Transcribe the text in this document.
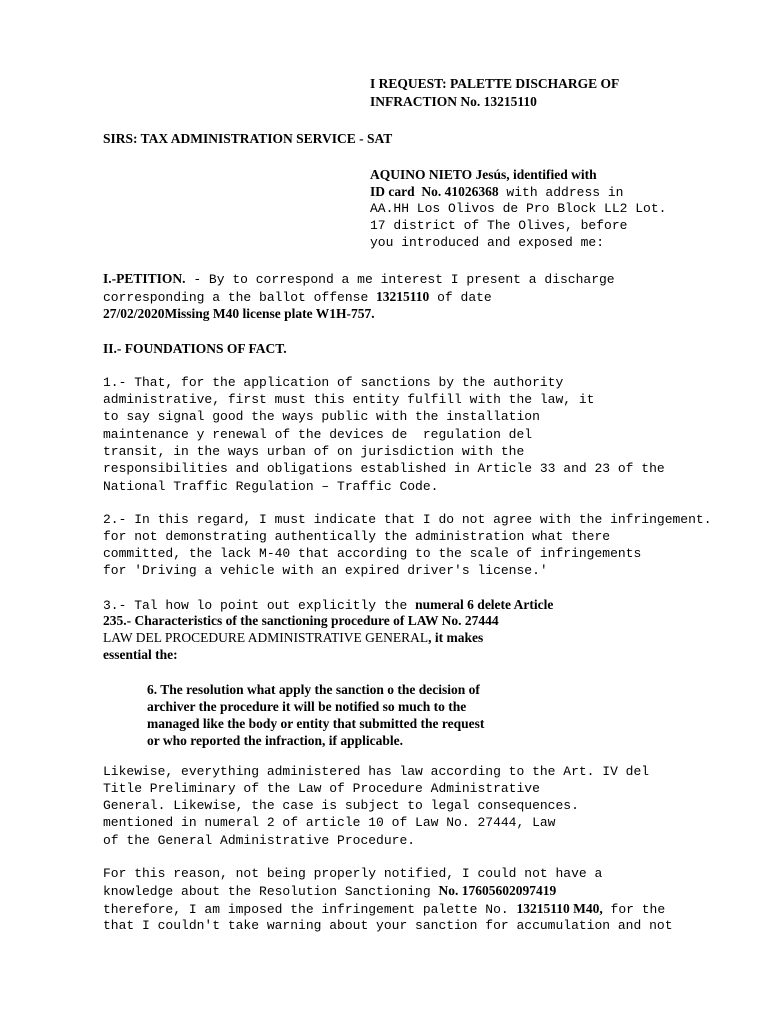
I REQUEST: PALETTE DISCHARGE OF
INFRACTION No. 13215110
SIRS: TAX ADMINISTRATION SERVICE - SAT
AQUINO NIETO Jesús, identified with
ID card  No. 41026368 with address in
AA.HH Los Olivos de Pro Block LL2 Lot.
17 district of The Olives, before
you introduced and exposed me:
I.-PETITION. - By to correspond a me interest I present a discharge
corresponding a the ballot offense 13215110 of date
27/02/2020Missing M40 license plate W1H-757.
II.- FOUNDATIONS OF FACT.
1.- That, for the application of sanctions by the authority
administrative, first must this entity fulfill with the law, it
to say signal good the ways public with the installation
maintenance y renewal of the devices de  regulation del
transit, in the ways urban of on jurisdiction with the
responsibilities and obligations established in Article 33 and 23 of the
National Traffic Regulation – Traffic Code.
2.- In this regard, I must indicate that I do not agree with the infringement.
for not demonstrating authentically the administration what there
committed, the lack M-40 that according to the scale of infringements
for 'Driving a vehicle with an expired driver's license.'
3.- Tal how lo point out explicitly the numeral 6 delete Article
235.- Characteristics of the sanctioning procedure of LAW No. 27444
LAW DEL PROCEDURE ADMINISTRATIVE GENERAL, it makes
essential the:
6. The resolution what apply the sanction o the decision of
archiver the procedure it will be notified so much to the
managed like the body or entity that submitted the request
or who reported the infraction, if applicable.
Likewise, everything administered has law according to the Art. IV del
Title Preliminary of the Law of Procedure Administrative
General. Likewise, the case is subject to legal consequences.
mentioned in numeral 2 of article 10 of Law No. 27444, Law
of the General Administrative Procedure.
For this reason, not being properly notified, I could not have a
knowledge about the Resolution Sanctioning No. 17605602097419
therefore, I am imposed the infringement palette No. 13215110 M40, for the
that I couldn't take warning about your sanction for accumulation and not
